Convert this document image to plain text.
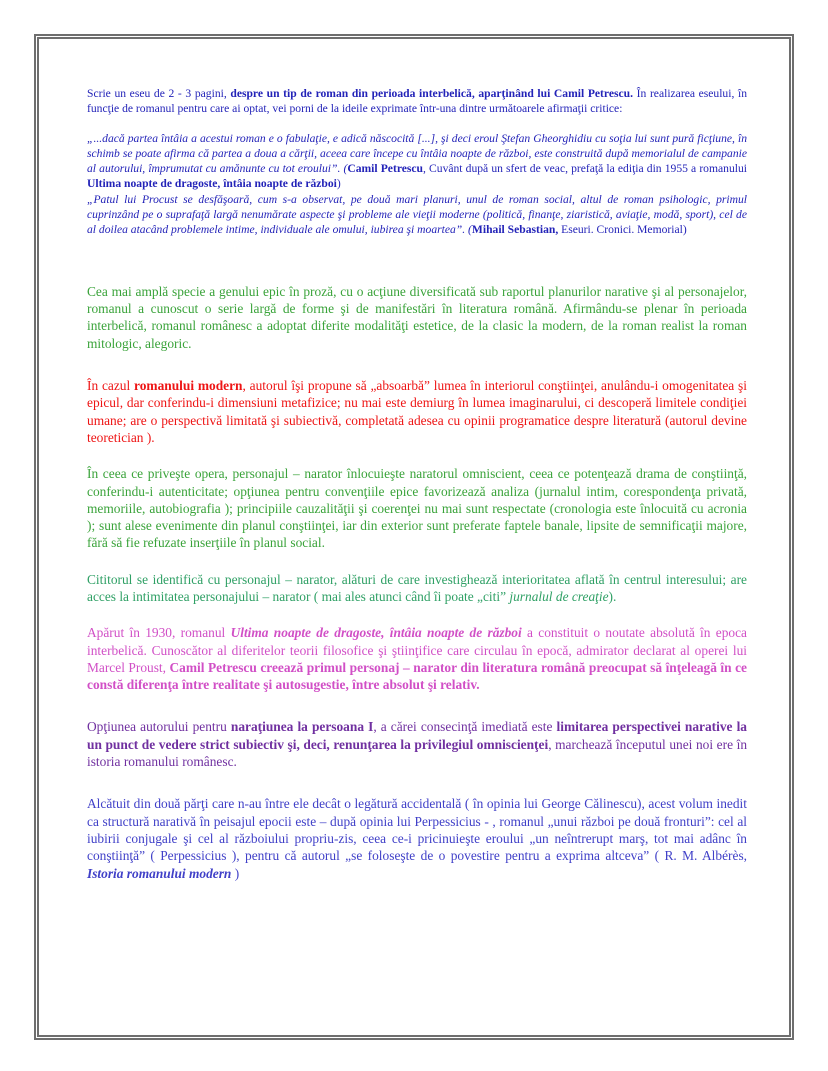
Scrie un eseu de 2 - 3 pagini, despre un tip de roman din perioada interbelică, aparţinând lui Camil Petrescu. În realizarea eseului, în funcţie de romanul pentru care ai optat, vei porni de la ideile exprimate într-una dintre următoarele afirmaţii critice:

„...dacă partea întâia a acestui roman e o fabulaţie, e adică născocită [...], şi deci eroul Ştefan Gheorghidiu cu soţia lui sunt pură ficţiune, în schimb se poate afirma că partea a doua a cărţii, aceea care începe cu întâia noapte de război, este construită după memorialul de campanie al autorului, împrumutat cu amănunte cu tot eroului”. (Camil Petrescu, Cuvânt după un sfert de veac, prefaţă la ediţia din 1955 a romanului Ultima noapte de dragoste, întâia noapte de război)

„Patul lui Procust se desfăşoară, cum s-a observat, pe două mari planuri, unul de roman social, altul de roman psihologic, primul cuprinzând pe o suprafaţă largă nenumărate aspecte şi probleme ale vieţii moderne (politică, finanţe, ziaristică, aviaţie, modă, sport), cel de al doilea atacând problemele intime, individuale ale omului, iubirea şi moartea”. (Mihail Sebastian, Eseuri. Cronici. Memorial)

Cea mai amplă specie a genului epic în proză, cu o acţiune diversificată sub raportul planurilor narative şi al personajelor, romanul a cunoscut o serie largă de forme şi de manifestări în literatura română. Afirmându-se plenar în perioada interbelică, romanul românesc a adoptat diferite modalităţi estetice, de la clasic la modern, de la roman realist la roman mitologic, alegoric.

În cazul romanului modern, autorul îşi propune să „absoarbă” lumea în interiorul conştiinţei, anulându-i omogenitatea şi epicul, dar conferindu-i dimensiuni metafizice; nu mai este demiurg în lumea imaginarului, ci descoperă limitele condiţiei umane; are o perspectivă limitată şi subiectivă, completată adesea cu opinii programatice despre literatură (autorul devine teoretician ).

În ceea ce priveşte opera, personajul – narator înlocuieşte naratorul omniscient, ceea ce potenţează drama de conştiinţă, conferindu-i autenticitate; opţiunea pentru convenţiile epice favorizează analiza (jurnalul intim, corespondenţa privată, memoriile, autobiografia ); principiile cauzalităţii şi coerenţei nu mai sunt respectate (cronologia este înlocuită cu acronia ); sunt alese evenimente din planul conştiinţei, iar din exterior sunt preferate faptele banale, lipsite de semnificaţii majore, fără să fie refuzate inserţiile în planul social.

Cititorul se identifică cu personajul – narator, alături de care investighează interioritatea aflată în centrul interesului; are acces la intimitatea personajului – narator ( mai ales atunci când îi poate „citi” jurnalul de creaţie).

Apărut în 1930, romanul Ultima noapte de dragoste, întâia noapte de război a constituit o noutate absolută în epoca interbelică. Cunoscător al diferitelor teorii filosofice şi ştiinţifice care circulau în epocă, admirator declarat al operei lui Marcel Proust, Camil Petrescu creează primul personaj – narator din literatura română preocupat să înţeleagă în ce constă diferenţa între realitate şi autosugestie, între absolut şi relativ.

Opţiunea autorului pentru naraţiunea la persoana I, a cărei consecinţă imediată este limitarea perspectivei narative la un punct de vedere strict subiectiv şi, deci, renunţarea la privilegiul omniscienţei, marchează începutul unei noi ere în istoria romanului românesc.

Alcătuit din două părţi care n-au între ele decât o legătură accidentală ( în opinia lui George Călinescu), acest volum inedit ca structură narativă în peisajul epocii este – după opinia lui Perpessicius - , romanul „unui război pe două fronturi”: cel al iubirii conjugale şi cel al războiului propriu-zis, ceea ce-i pricinuieşte eroului „un neîntrerupt marş, tot mai adânc în conştiinţă” ( Perpessicius ), pentru că autorul „se foloseşte de o povestire pentru a exprima altceva” ( R. M. Albérès, Istoria romanului modern )
